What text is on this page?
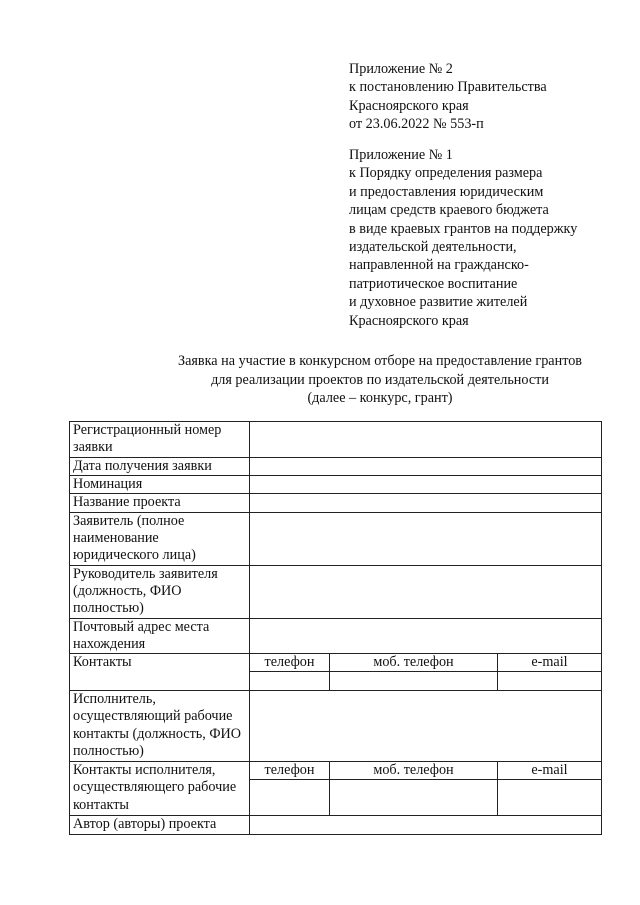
Приложение № 2
к постановлению Правительства
Красноярского края
от 23.06.2022 № 553-п
Приложение № 1
к Порядку определения размера
и предоставления юридическим
лицам средств краевого бюджета
в виде краевых грантов на поддержку
издательской деятельности,
направленной на гражданско-
патриотическое воспитание
и духовное развитие жителей
Красноярского края
Заявка на участие в конкурсном отборе на предоставление грантов
для реализации проектов по издательской деятельности
(далее – конкурс, грант)
Регистрационный номер заявки			
Дата получения заявки			
Номинация			
Название проекта			
Заявитель (полное наименование юридического лица)			
Руководитель заявителя (должность, ФИО полностью)			
Почтовый адрес места нахождения			
Контакты	телефон	моб. телефон	e-mail

Исполнитель, осуществляющий рабочие контакты (должность, ФИО полностью)			
Контакты исполнителя, осуществляющего рабочие контакты	телефон	моб. телефон	e-mail

Автор (авторы) проекта			
